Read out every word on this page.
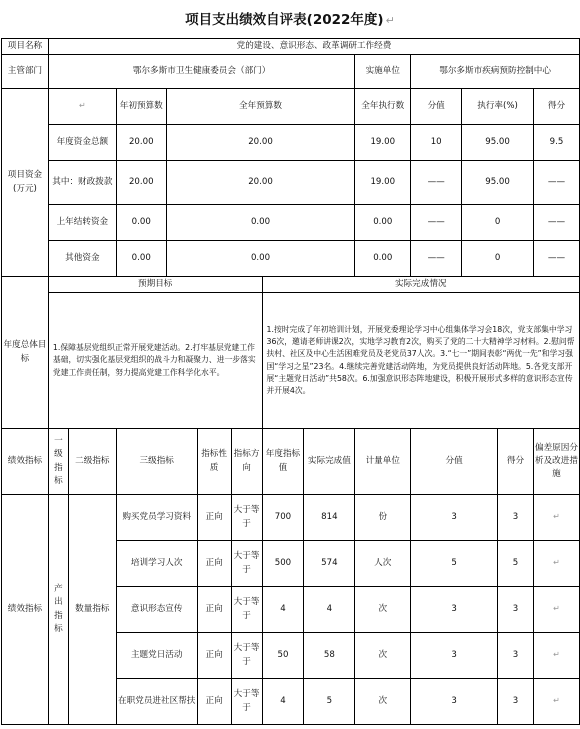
项目支出绩效自评表(2022年度) ↵
项目名称	党的建设、意识形态、政革调研工作经费												
主管部门	鄂尔多斯市卫生健康委员会（部门）								实施单位	鄂尔多斯市疾病预防控制中心			
项目资金(万元)	↵		年初预算数	全年预算数					全年执行数	分值	执行率(%)		得分
	年度资金总额		20.00	20.00					19.00	10	95.00		9.5
	其中：财政拨款		20.00	20.00					19.00	——	95.00		——
	上年结转资金		0.00	0.00					0.00	——	0		——
	其他资金		0.00	0.00					0.00	——	0		——
年度总体目标	预期目标						实际完成情况						
	1.保障基层党组织正常开展党建活动。2.打牢基层党建工作基础，切实强化基层党组织的战斗力和凝聚力、进一步落实党建工作责任制，努力提高党建工作科学化水平。						1.按时完成了年初培训计划，开展党委理论学习中心组集体学习会18次，党支部集中学习36次，邀请老师讲课2次，实地学习教育2次，购买了党的二十大精神学习材料。2.慰问帮扶村、社区及中心生活困难党员及老党员37人次。3.“七一”期间表彰“两优一先”和学习强国“学习之星”23名。4.继续完善党建活动阵地，为党员提供良好活动阵地。5.各党支部开展“主题党日活动”共58次。6.加强意识形态阵地建设，积极开展形式多样的意识形态宣传并开展4次。						
绩效指标	一级指标	二级指标	三级指标		指标性质	指标方向	年度指标值	实际完成值	计量单位	分值		得分	偏差原因分析及改进措施
绩效指标	产出指标	数量指标	购买党员学习资料		正向	大于等于	700	814	份	3		3	↵
			培训学习人次		正向	大于等于	500	574	人次	5		5	↵
			意识形态宣传		正向	大于等于	4	4	次	3		3	↵
			主题党日活动		正向	大于等于	50	58	次	3		3	↵
			在职党员进社区帮扶		正向	大于等于	4	5	次	3		3	↵
